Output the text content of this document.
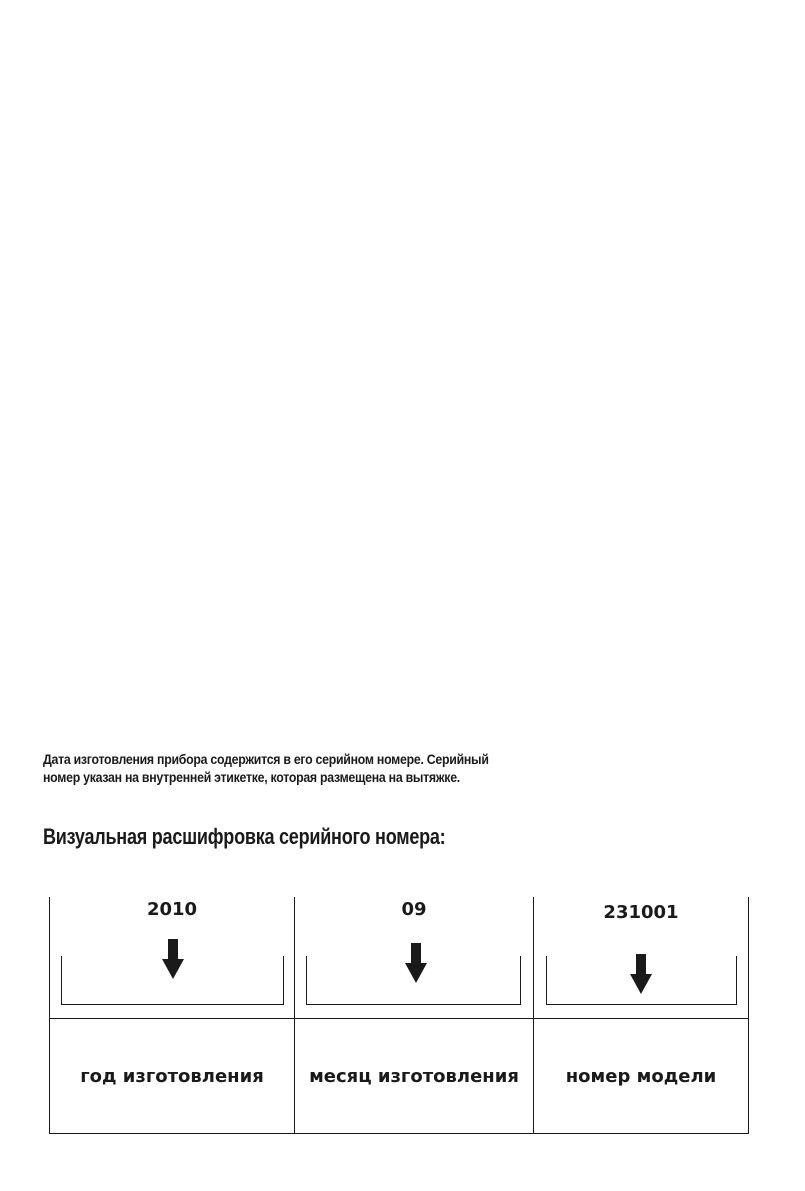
Дата изготовления прибора содержится в его серийном номере. Серийный
номер указан на внутренней этикетке, которая размещена на вытяжке.
Визуальная расшифровка серийного номера:
2010	09	231001
год изготовления	месяц изготовления	номер модели
